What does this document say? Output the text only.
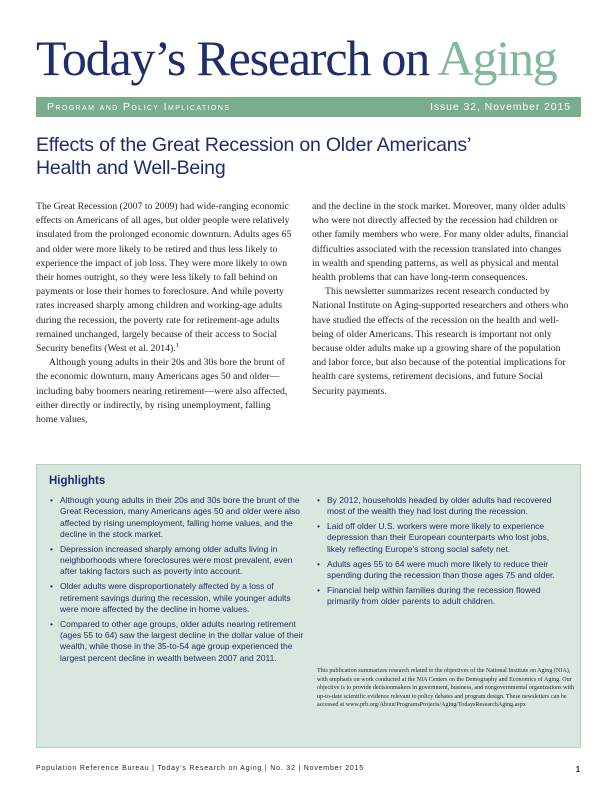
Today’s Research on Aging
Program and Policy Implications	Issue 32, November 2015
Effects of the Great Recession on Older Americans’ Health and Well-Being

The Great Recession (2007 to 2009) had wide-ranging economic effects on Americans of all ages, but older people were relatively insulated from the prolonged economic downturn. Adults ages 65 and older were more likely to be retired and thus less likely to experience the impact of job loss. They were more likely to own their homes outright, so they were less likely to fall behind on payments or lose their homes to foreclosure. And while poverty rates increased sharply among children and working-age adults during the recession, the poverty rate for retirement-age adults remained unchanged, largely because of their access to Social Security benefits (West et al. 2014).$^1$

Although young adults in their 20s and 30s bore the brunt of the economic downturn, many Americans ages 50 and older—including baby boomers nearing retirement—were also affected, either directly or indirectly, by rising unemployment, falling home values,

and the decline in the stock market. Moreover, many older adults who were not directly affected by the recession had children or other family members who were. For many older adults, financial difficulties associated with the recession translated into changes in wealth and spending patterns, as well as physical and mental health problems that can have long-term consequences.

This newsletter summarizes recent research conducted by National Institute on Aging-supported researchers and others who have studied the effects of the recession on the health and well-being of older Americans. This research is important not only because older adults make up a growing share of the population and labor force, but also because of the potential implications for health care systems, retirement decisions, and future Social Security payments.

Highlights
• Although young adults in their 20s and 30s bore the brunt of the Great Recession, many Americans ages 50 and older were also affected by rising unemployment, falling home values, and the decline in the stock market.
• Depression increased sharply among older adults living in neighborhoods where foreclosures were most prevalent, even after taking factors such as poverty into account.
• Older adults were disproportionately affected by a loss of retirement savings during the recession, while younger adults were more affected by the decline in home values.
• Compared to other age groups, older adults nearing retirement (ages 55 to 64) saw the largest decline in the dollar value of their wealth, while those in the 35-to-54 age group experienced the largest percent decline in wealth between 2007 and 2011.
• By 2012, households headed by older adults had recovered most of the wealth they had lost during the recession.
• Laid off older U.S. workers were more likely to experience depression than their European counterparts who lost jobs, likely reflecting Europe’s strong social safety net.
• Adults ages 55 to 64 were much more likely to reduce their spending during the recession than those ages 75 and older.
• Financial help within families during the recession flowed primarily from older parents to adult children.

This publication summarizes research related to the objectives of the National Institute on Aging (NIA), with emphasis on work conducted at the NIA Centers on the Demography and Economics of Aging. Our objective is to provide decisionmakers in government, business, and nongovernmental organizations with up-to-date scientific evidence relevant to policy debates and program design. These newsletters can be accessed at www.prb.org/About/ProgramsProjects/Aging/TodaysResearchAging.aspx

Population Reference Bureau | Today’s Research on Aging | No. 32 | November 2015	1
